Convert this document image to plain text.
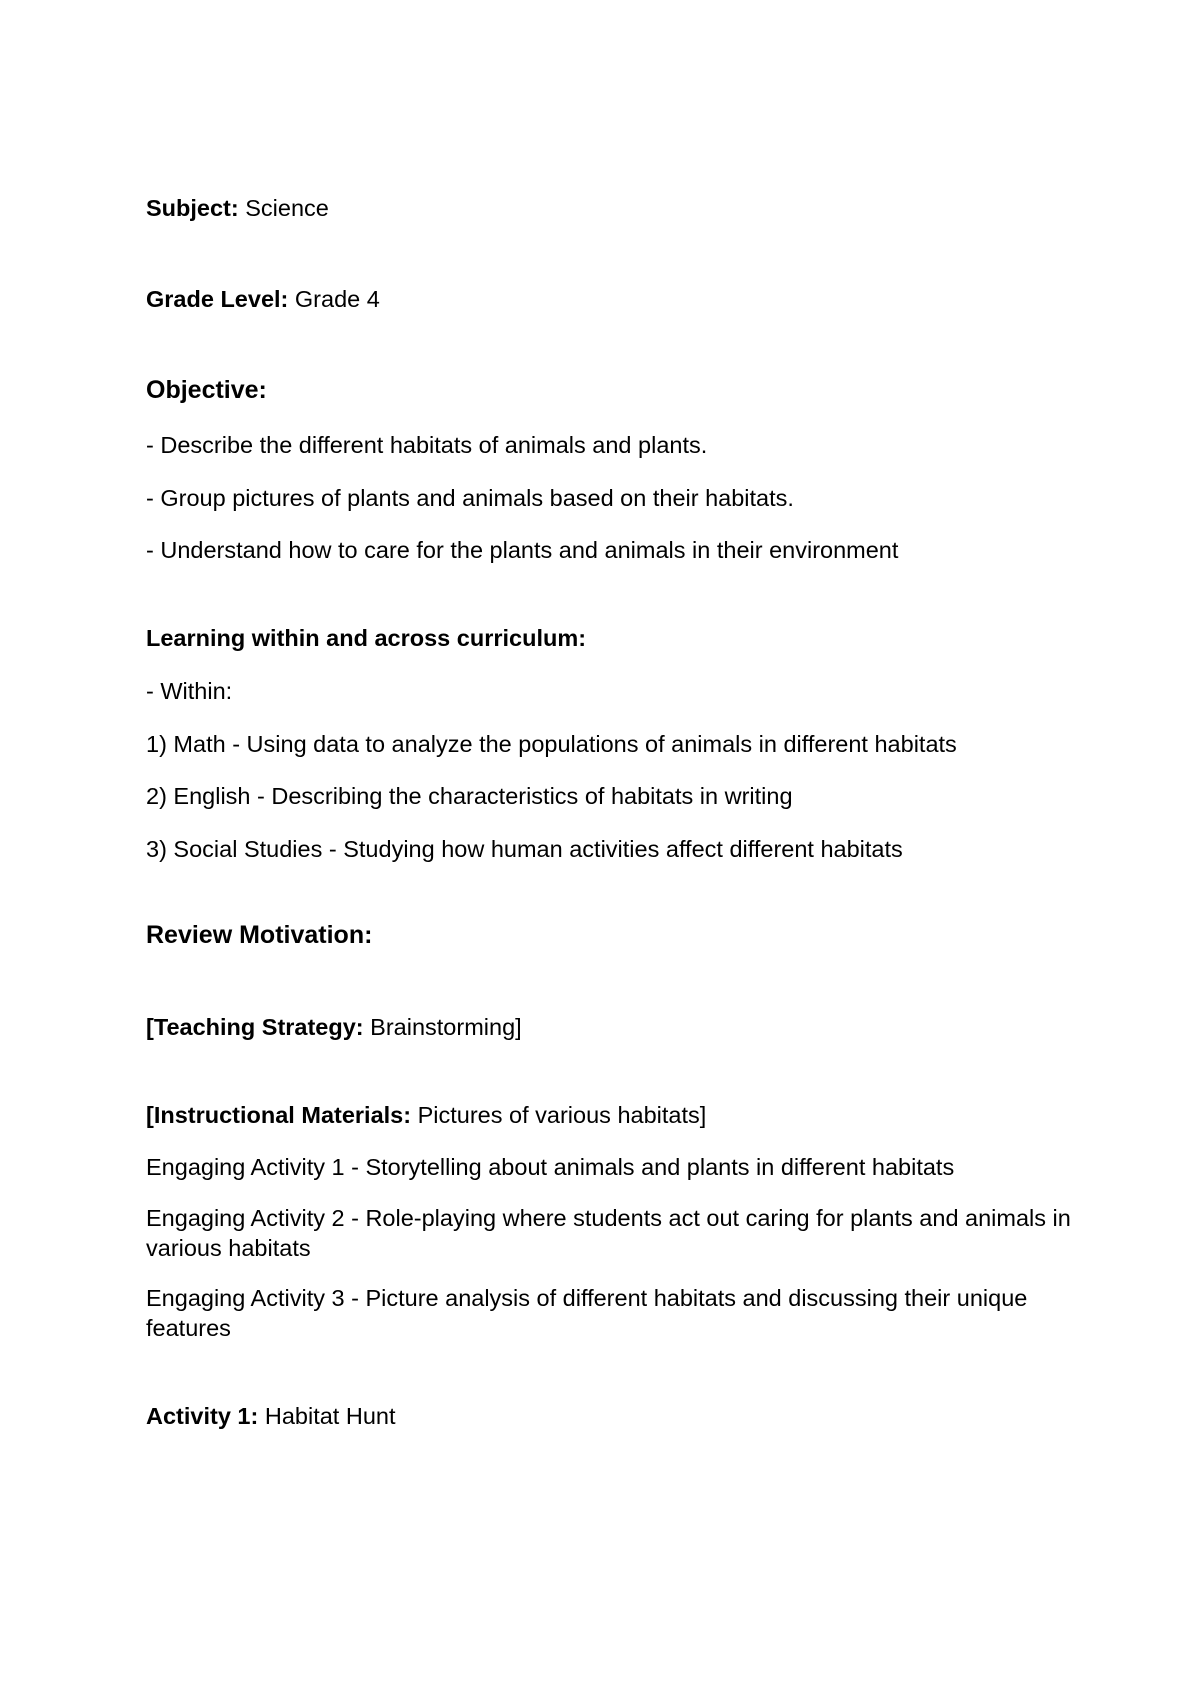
Subject: Science
Grade Level: Grade 4
Objective:
- Describe the different habitats of animals and plants.
- Group pictures of plants and animals based on their habitats.
- Understand how to care for the plants and animals in their environment
Learning within and across curriculum:
- Within:
1) Math - Using data to analyze the populations of animals in different habitats
2) English - Describing the characteristics of habitats in writing
3) Social Studies - Studying how human activities affect different habitats
Review Motivation:
[Teaching Strategy: Brainstorming]
[Instructional Materials: Pictures of various habitats]
Engaging Activity 1 - Storytelling about animals and plants in different habitats
Engaging Activity 2 - Role-playing where students act out caring for plants and animals in various habitats
Engaging Activity 3 - Picture analysis of different habitats and discussing their unique features
Activity 1: Habitat Hunt
